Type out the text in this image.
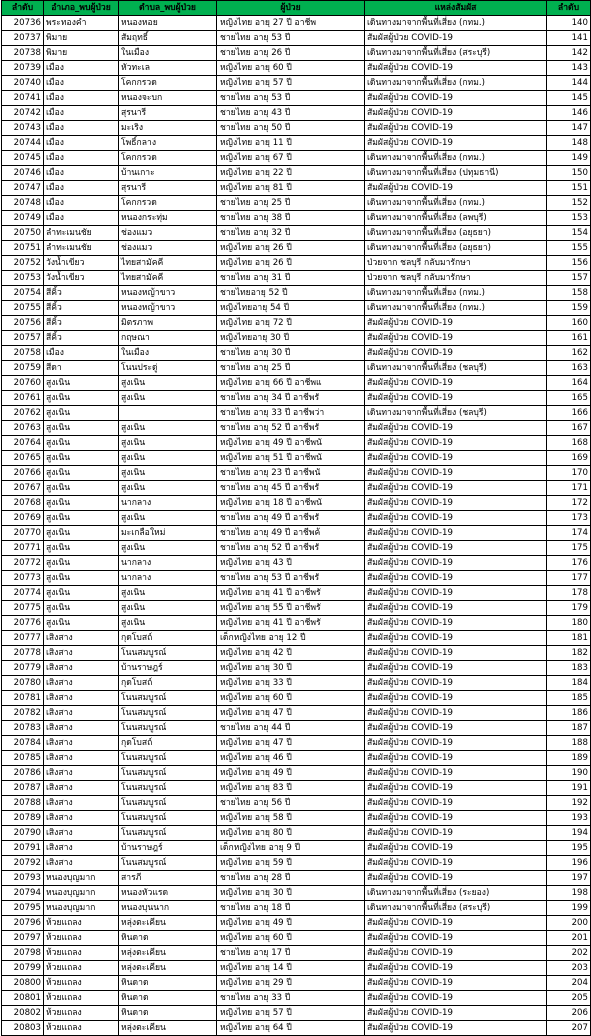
ลำดับ	อำเภอ_พบผู้ป่วย	ตำบล_พบผู้ป่วย	ผู้ป่วย	แหล่งสัมผัส	ลำดับ
20736	พระทองคำ	หนองหอย	หญิงไทย อายุ 27 ปี อาชีพ	เดินทางมาจากพื้นที่เสี่ยง (กทม.)	140
20737	พิมาย	สัมฤทธิ์	ชายไทย อายุ 53 ปี	สัมผัสผู้ป่วย COVID-19	141
20738	พิมาย	ในเมือง	ชายไทย อายุ 26 ปี	เดินทางมาจากพื้นที่เสี่ยง (สระบุรี)	142
20739	เมือง	หัวทะเล	หญิงไทย อายุ 60 ปี	สัมผัสผู้ป่วย COVID-19	143
20740	เมือง	โคกกรวด	หญิงไทย อายุ 57 ปี	เดินทางมาจากพื้นที่เสี่ยง (กทม.)	144
20741	เมือง	หนองจะบก	ชายไทย อายุ 53 ปี	สัมผัสผู้ป่วย COVID-19	145
20742	เมือง	สุรนารี	ชายไทย อายุ 43 ปี	สัมผัสผู้ป่วย COVID-19	146
20743	เมือง	มะเริง	ชายไทย อายุ 50 ปี	สัมผัสผู้ป่วย COVID-19	147
20744	เมือง	โพธิ์กลาง	หญิงไทย อายุ 11 ปี	สัมผัสผู้ป่วย COVID-19	148
20745	เมือง	โคกกรวด	หญิงไทย อายุ 67 ปี	เดินทางมาจากพื้นที่เสี่ยง (กทม.)	149
20746	เมือง	บ้านเกาะ	หญิงไทย อายุ 22 ปี	เดินทางมาจากพื้นที่เสี่ยง (ปทุมธานี)	150
20747	เมือง	สุรนารี	หญิงไทย อายุ 81 ปี	สัมผัสผู้ป่วย COVID-19	151
20748	เมือง	โคกกรวด	ชายไทย อายุ 25 ปี	เดินทางมาจากพื้นที่เสี่ยง (กทม.)	152
20749	เมือง	หนองกระทุ่ม	ชายไทย อายุ 38 ปี	เดินทางมาจากพื้นที่เสี่ยง (ลพบุรี)	153
20750	ลำทะเมนชัย	ช่องแมว	ชายไทย อายุ 32 ปี	เดินทางมาจากพื้นที่เสี่ยง (อยุธยา)	154
20751	ลำทะเมนชัย	ช่องแมว	หญิงไทย อายุ 26 ปี	เดินทางมาจากพื้นที่เสี่ยง (อยุธยา)	155
20752	วังน้ำเขียว	ไทยสามัคคี	หญิงไทย อายุ 26 ปี	ป่วยจาก ชลบุรี กลับมารักษา	156
20753	วังน้ำเขียว	ไทยสามัคคี	ชายไทย อายุ 31 ปี	ป่วยจาก ชลบุรี กลับมารักษา	157
20754	สีคิ้ว	หนองหญ้าขาว	ชายไทยอายุ 52 ปี	เดินทางมาจากพื้นที่เสี่ยง (กทม.)	158
20755	สีคิ้ว	หนองหญ้าขาว	หญิงไทยอายุ 54 ปี	เดินทางมาจากพื้นที่เสี่ยง (กทม.)	159
20756	สีคิ้ว	มิตรภาพ	หญิงไทย อายุ 72 ปี	สัมผัสผู้ป่วย COVID-19	160
20757	สีคิ้ว	กฤษณา	หญิงไทยอายุ 30 ปี	สัมผัสผู้ป่วย COVID-19	161
20758	เมือง	ในเมือง	ชายไทย อายุ 30 ปี	สัมผัสผู้ป่วย COVID-19	162
20759	สีดา	โนนประดู่	ชายไทย อายุ 25 ปี	เดินทางมาจากพื้นที่เสี่ยง (ชลบุรี)	163
20760	สูงเนิน	สูงเนิน	หญิงไทย อายุ 66 ปี อาชีพแ	สัมผัสผู้ป่วย COVID-19	164
20761	สูงเนิน	สูงเนิน	ชายไทย อายุ 34 ปี อาชีพรั	สัมผัสผู้ป่วย COVID-19	165
20762	สูงเนิน		ชายไทย อายุ 33 ปี อาชีพว่า	เดินทางมาจากพื้นที่เสี่ยง (ชลบุรี)	166
20763	สูงเนิน	สูงเนิน	ชายไทย อายุ 52 ปี อาชีพรั	สัมผัสผู้ป่วย COVID-19	167
20764	สูงเนิน	สูงเนิน	หญิงไทย อายุ 49 ปี อาชีพนั	สัมผัสผู้ป่วย COVID-19	168
20765	สูงเนิน	สูงเนิน	หญิงไทย อายุ 51 ปี อาชีพนั	สัมผัสผู้ป่วย COVID-19	169
20766	สูงเนิน	สูงเนิน	ชายไทย อายุ 23 ปี อาชีพนั	สัมผัสผู้ป่วย COVID-19	170
20767	สูงเนิน	สูงเนิน	ชายไทย อายุ 45 ปี อาชีพรั	สัมผัสผู้ป่วย COVID-19	171
20768	สูงเนิน	นากลาง	หญิงไทย อายุ 18 ปี อาชีพนั	สัมผัสผู้ป่วย COVID-19	172
20769	สูงเนิน	สูงเนิน	ชายไทย อายุ 49 ปี อาชีพรั	สัมผัสผู้ป่วย COVID-19	173
20770	สูงเนิน	มะเกลือใหม่	ชายไทย อายุ 49 ปี อาชีพค้	สัมผัสผู้ป่วย COVID-19	174
20771	สูงเนิน	สูงเนิน	ชายไทย อายุ 52 ปี อาชีพรั	สัมผัสผู้ป่วย COVID-19	175
20772	สูงเนิน	นากลาง	หญิงไทย อายุ 43 ปี	สัมผัสผู้ป่วย COVID-19	176
20773	สูงเนิน	นากลาง	ชายไทย อายุ 53 ปี อาชีพรั	สัมผัสผู้ป่วย COVID-19	177
20774	สูงเนิน	สูงเนิน	หญิงไทย อายุ 41 ปี อาชีพรั	สัมผัสผู้ป่วย COVID-19	178
20775	สูงเนิน	สูงเนิน	หญิงไทย อายุ 55 ปี อาชีพรั	สัมผัสผู้ป่วย COVID-19	179
20776	สูงเนิน	สูงเนิน	หญิงไทย อายุ 41 ปี อาชีพรั	สัมผัสผู้ป่วย COVID-19	180
20777	เสิงสาง	กุดโบสถ์	เด็กหญิงไทย อายุ 12 ปี	สัมผัสผู้ป่วย COVID-19	181
20778	เสิงสาง	โนนสมบูรณ์	หญิงไทย อายุ 42 ปี	สัมผัสผู้ป่วย COVID-19	182
20779	เสิงสาง	บ้านราษฎร์	หญิงไทย อายุ 30 ปี	สัมผัสผู้ป่วย COVID-19	183
20780	เสิงสาง	กุดโบสถ์	หญิงไทย อายุ 33 ปี	สัมผัสผู้ป่วย COVID-19	184
20781	เสิงสาง	โนนสมบูรณ์	หญิงไทย อายุ 60 ปี	สัมผัสผู้ป่วย COVID-19	185
20782	เสิงสาง	โนนสมบูรณ์	หญิงไทย อายุ 47 ปี	สัมผัสผู้ป่วย COVID-19	186
20783	เสิงสาง	โนนสมบูรณ์	ชายไทย อายุ 44 ปี	สัมผัสผู้ป่วย COVID-19	187
20784	เสิงสาง	กุดโบสถ์	หญิงไทย อายุ 47 ปี	สัมผัสผู้ป่วย COVID-19	188
20785	เสิงสาง	โนนสมบูรณ์	หญิงไทย อายุ 46 ปี	สัมผัสผู้ป่วย COVID-19	189
20786	เสิงสาง	โนนสมบูรณ์	หญิงไทย อายุ 49 ปี	สัมผัสผู้ป่วย COVID-19	190
20787	เสิงสาง	โนนสมบูรณ์	หญิงไทย อายุ 83 ปี	สัมผัสผู้ป่วย COVID-19	191
20788	เสิงสาง	โนนสมบูรณ์	ชายไทย อายุ 56 ปี	สัมผัสผู้ป่วย COVID-19	192
20789	เสิงสาง	โนนสมบูรณ์	หญิงไทย อายุ 58 ปี	สัมผัสผู้ป่วย COVID-19	193
20790	เสิงสาง	โนนสมบูรณ์	หญิงไทย อายุ 80 ปี	สัมผัสผู้ป่วย COVID-19	194
20791	เสิงสาง	บ้านราษฎร์	เด็กหญิงไทย อายุ 9 ปี	สัมผัสผู้ป่วย COVID-19	195
20792	เสิงสาง	โนนสมบูรณ์	หญิงไทย อายุ 59 ปี	สัมผัสผู้ป่วย COVID-19	196
20793	หนองบุญมาก	สารภี	ชายไทย อายุ 28 ปี	สัมผัสผู้ป่วย COVID-19	197
20794	หนองบุญมาก	หนองหัวแรด	หญิงไทย อายุ 30 ปี	เดินทางมาจากพื้นที่เสี่ยง (ระยอง)	198
20795	หนองบุญมาก	หนองบุนนาก	ชายไทย อายุ 18 ปี	เดินทางมาจากพื้นที่เสี่ยง (สระบุรี)	199
20796	ห้วยแถลง	หลุ่งตะเคียน	หญิงไทย อายุ 49 ปี	สัมผัสผู้ป่วย COVID-19	200
20797	ห้วยแถลง	หินดาด	หญิงไทย อายุ 60 ปี	สัมผัสผู้ป่วย COVID-19	201
20798	ห้วยแถลง	หลุ่งตะเคียน	ชายไทย อายุ 17 ปี	สัมผัสผู้ป่วย COVID-19	202
20799	ห้วยแถลง	หลุ่งตะเคียน	หญิงไทย อายุ 14 ปี	สัมผัสผู้ป่วย COVID-19	203
20800	ห้วยแถลง	หินดาด	หญิงไทย อายุ 29 ปี	สัมผัสผู้ป่วย COVID-19	204
20801	ห้วยแถลง	หินดาด	ชายไทย อายุ 33 ปี	สัมผัสผู้ป่วย COVID-19	205
20802	ห้วยแถลง	หินดาด	หญิงไทย อายุ 57 ปี	สัมผัสผู้ป่วย COVID-19	206
20803	ห้วยแถลง	หลุ่งตะเคียน	หญิงไทย อายุ 64 ปี	สัมผัสผู้ป่วย COVID-19	207
